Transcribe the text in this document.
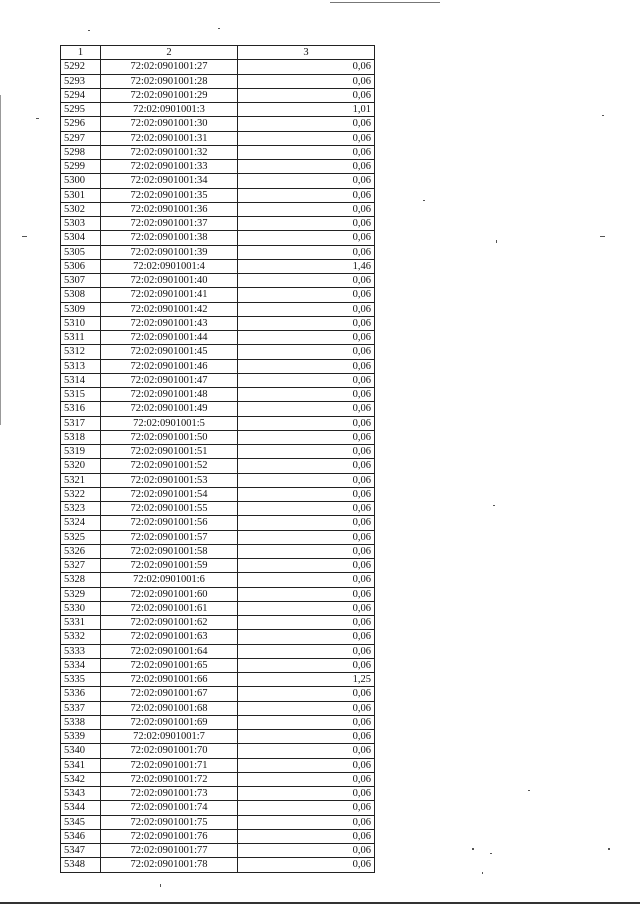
1	2	3
5292	72:02:0901001:27	0,06
5293	72:02:0901001:28	0,06
5294	72:02:0901001:29	0,06
5295	72:02:0901001:3	1,01
5296	72:02:0901001:30	0,06
5297	72:02:0901001:31	0,06
5298	72:02:0901001:32	0,06
5299	72:02:0901001:33	0,06
5300	72:02:0901001:34	0,06
5301	72:02:0901001:35	0,06
5302	72:02:0901001:36	0,06
5303	72:02:0901001:37	0,06
5304	72:02:0901001:38	0,06
5305	72:02:0901001:39	0,06
5306	72:02:0901001:4	1,46
5307	72:02:0901001:40	0,06
5308	72:02:0901001:41	0,06
5309	72:02:0901001:42	0,06
5310	72:02:0901001:43	0,06
5311	72:02:0901001:44	0,06
5312	72:02:0901001:45	0,06
5313	72:02:0901001:46	0,06
5314	72:02:0901001:47	0,06
5315	72:02:0901001:48	0,06
5316	72:02:0901001:49	0,06
5317	72:02:0901001:5	0,06
5318	72:02:0901001:50	0,06
5319	72:02:0901001:51	0,06
5320	72:02:0901001:52	0,06
5321	72:02:0901001:53	0,06
5322	72:02:0901001:54	0,06
5323	72:02:0901001:55	0,06
5324	72:02:0901001:56	0,06
5325	72:02:0901001:57	0,06
5326	72:02:0901001:58	0,06
5327	72:02:0901001:59	0,06
5328	72:02:0901001:6	0,06
5329	72:02:0901001:60	0,06
5330	72:02:0901001:61	0,06
5331	72:02:0901001:62	0,06
5332	72:02:0901001:63	0,06
5333	72:02:0901001:64	0,06
5334	72:02:0901001:65	0,06
5335	72:02:0901001:66	1,25
5336	72:02:0901001:67	0,06
5337	72:02:0901001:68	0,06
5338	72:02:0901001:69	0,06
5339	72:02:0901001:7	0,06
5340	72:02:0901001:70	0,06
5341	72:02:0901001:71	0,06
5342	72:02:0901001:72	0,06
5343	72:02:0901001:73	0,06
5344	72:02:0901001:74	0,06
5345	72:02:0901001:75	0,06
5346	72:02:0901001:76	0,06
5347	72:02:0901001:77	0,06
5348	72:02:0901001:78	0,06
